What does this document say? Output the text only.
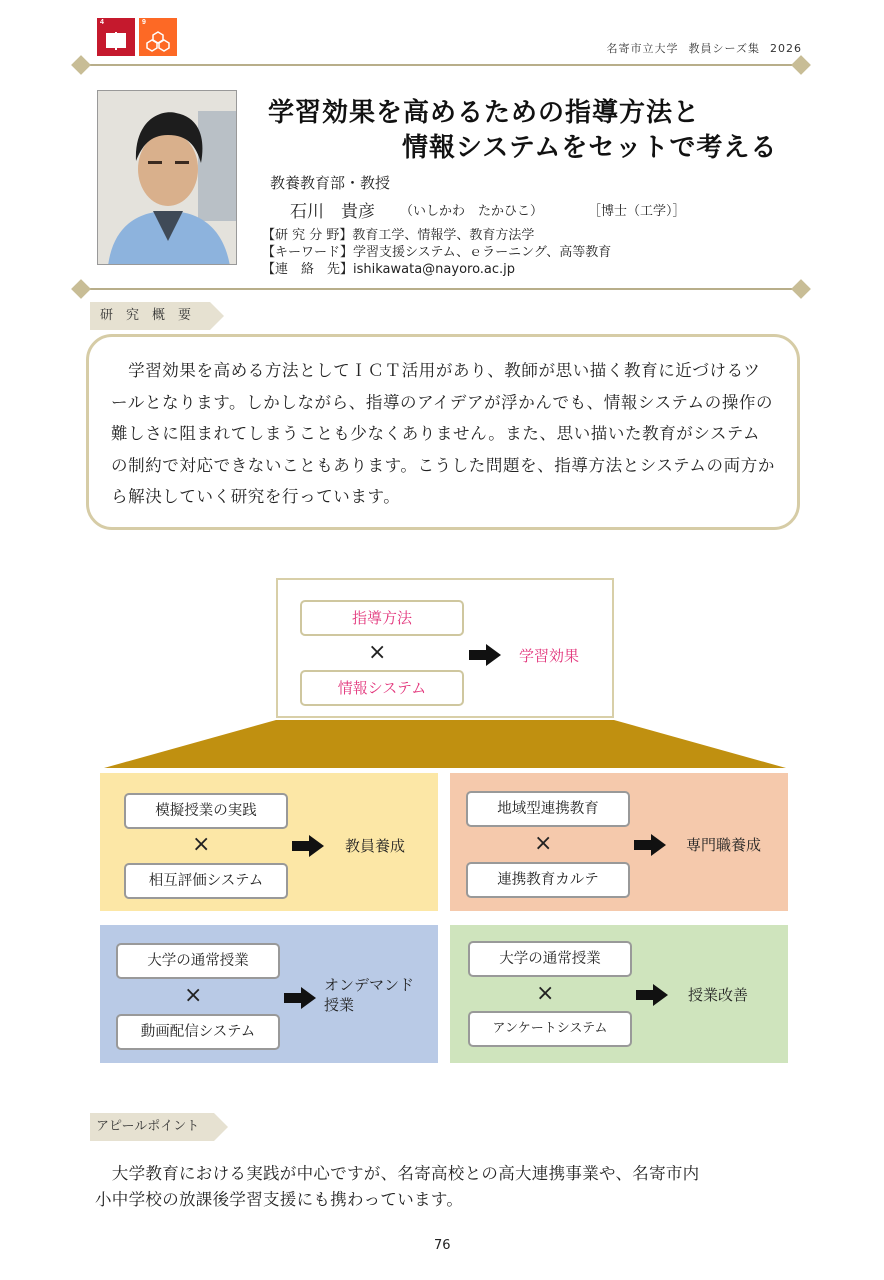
4	9
名寄市立大学 教員シーズ集 2026
学習効果を高めるための指導方法と
情報システムをセットで考える
教養教育部・教授
石川　貴彦 （いしかわ　たかひこ）	［博士（工学）］
【研 究 分 野】教育工学、情報学、教育方法学
【キーワード】学習支援システム、ｅラーニング、高等教育
【連　絡　先】ishikawata@nayoro.ac.jp
研　究　概　要

　学習効果を高める方法としてＩＣＴ活用があり、教師が思い描く教育に近づけるツールとなります。しかしながら、指導のアイデアが浮かんでも、情報システムの操作の難しさに阻まれてしまうことも少なくありません。また、思い描いた教育がシステムの制約で対応できないこともあります。こうした問題を、指導方法とシステムの両方から解決していく研究を行っています。

指導方法
×
情報システム
学習効果
模擬授業の実践
×
相互評価システム
教員養成
地域型連携教育
×
連携教育カルテ
専門職養成
大学の通常授業
×
動画配信システム
オンデマンド
授業
大学の通常授業
×
アンケートシステム
授業改善
アピールポイント
　大学教育における実践が中心ですが、名寄高校との高大連携事業や、名寄市内
小中学校の放課後学習支援にも携わっています。
76
